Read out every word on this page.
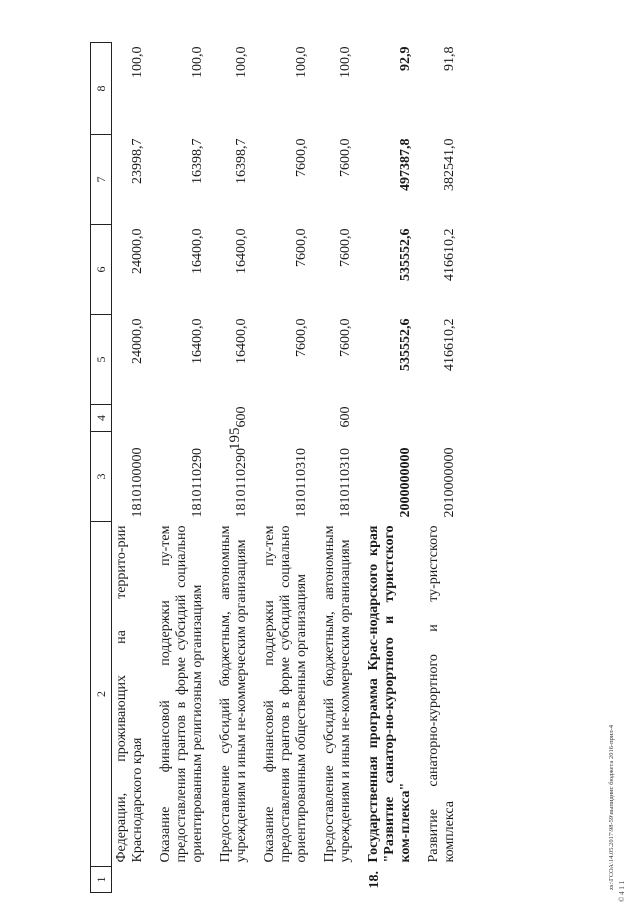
195
zs:\ГСОА\14.05.2017\98-59\выпиднис бюджета 2016-прил-4
© 4 1 1
1	2	3	4	5	6	7	8
	Федерации, проживающих на террито-рии Краснодарского края	1810100000		24000,0	24000,0	23998,7	100,0
	Оказание финансовой поддержки пу-тем предоставления грантов в форме субсидий социально ориентированным религиозным организациям	1810110290		16400,0	16400,0	16398,7	100,0
	Предоставление субсидий бюджетным, автономным учреждениям и иным не-коммерческим организациям	1810110290	600	16400,0	16400,0	16398,7	100,0
	Оказание финансовой поддержки пу-тем предоставления грантов в форме субсидий социально ориентированным общественным организациям	1810110310		7600,0	7600,0	7600,0	100,0
	Предоставление субсидий бюджетным, автономным учреждениям и иным не-коммерческим организациям	1810110310	600	7600,0	7600,0	7600,0	100,0
18.	Государственная программа Крас-нодарского края "Развитие санатор-но-курортного и туристского ком-плекса"	2000000000		535552,6	535552,6	497387,8	92,9
	Развитие санаторно-курортного и ту-ристского комплекса	2010000000		416610,2	416610,2	382541,0	91,8
